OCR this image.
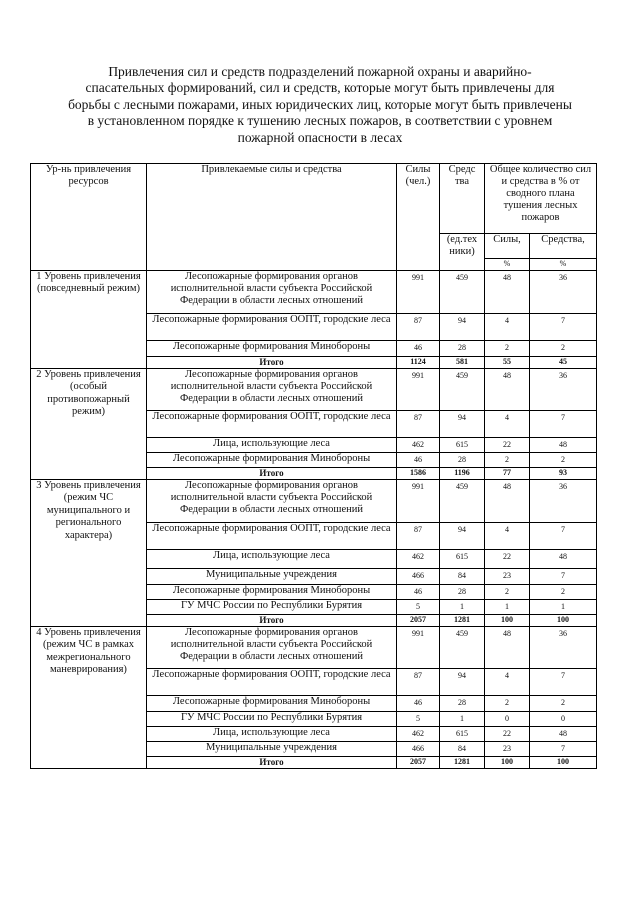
Привлечения сил и средств подразделений пожарной охраны и аварийно-
спасательных формирований, сил и средств, которые могут быть привлечены для
борьбы с лесными пожарами, иных юридических лиц, которые могут быть привлечены
в установленном порядке к тушению лесных пожаров, в соответствии с уровнем
пожарной опасности в лесах
Ур-нь привлечения ресурсов	Привлекаемые силы и средства	Силы (чел.)	Средс тва	Общее количество сил и средства в % от сводного плана тушения лесных пожаров	
			(ед.тех ники)	Силы,	Средства,
				%	%
1 Уровень привлечения (повседневный режим)	Лесопожарные формирования органов исполнительной власти субъекта Российской Федерации в области лесных отношений	991	459	48	36
	Лесопожарные формирования ООПТ, городские леса	87	94	4	7
	Лесопожарные формирования Минобороны	46	28	2	2
	Итого	1124	581	55	45
2 Уровень привлечения (особый противопожарный режим)	Лесопожарные формирования органов исполнительной власти субъекта Российской Федерации в области лесных отношений	991	459	48	36
	Лесопожарные формирования ООПТ, городские леса	87	94	4	7
	Лица, использующие леса	462	615	22	48
	Лесопожарные формирования Минобороны	46	28	2	2
	Итого	1586	1196	77	93
3 Уровень привлечения (режим ЧС муниципального и регионального характера)	Лесопожарные формирования органов исполнительной власти субъекта Российской Федерации в области лесных отношений	991	459	48	36
	Лесопожарные формирования ООПТ, городские леса	87	94	4	7
	Лица, использующие леса	462	615	22	48
	Муниципальные учреждения	466	84	23	7
	Лесопожарные формирования Минобороны	46	28	2	2
	ГУ МЧС России по Республики Бурятия	5	1	1	1
	Итого	2057	1281	100	100
4 Уровень привлечения (режим ЧС в рамках межрегионального маневрирования)	Лесопожарные формирования органов исполнительной власти субъекта Российской Федерации в области лесных отношений	991	459	48	36
	Лесопожарные формирования ООПТ, городские леса	87	94	4	7
	Лесопожарные формирования Минобороны	46	28	2	2
	ГУ МЧС России по Республики Бурятия	5	1	0	0
	Лица, использующие леса	462	615	22	48
	Муниципальные учреждения	466	84	23	7
	Итого	2057	1281	100	100
